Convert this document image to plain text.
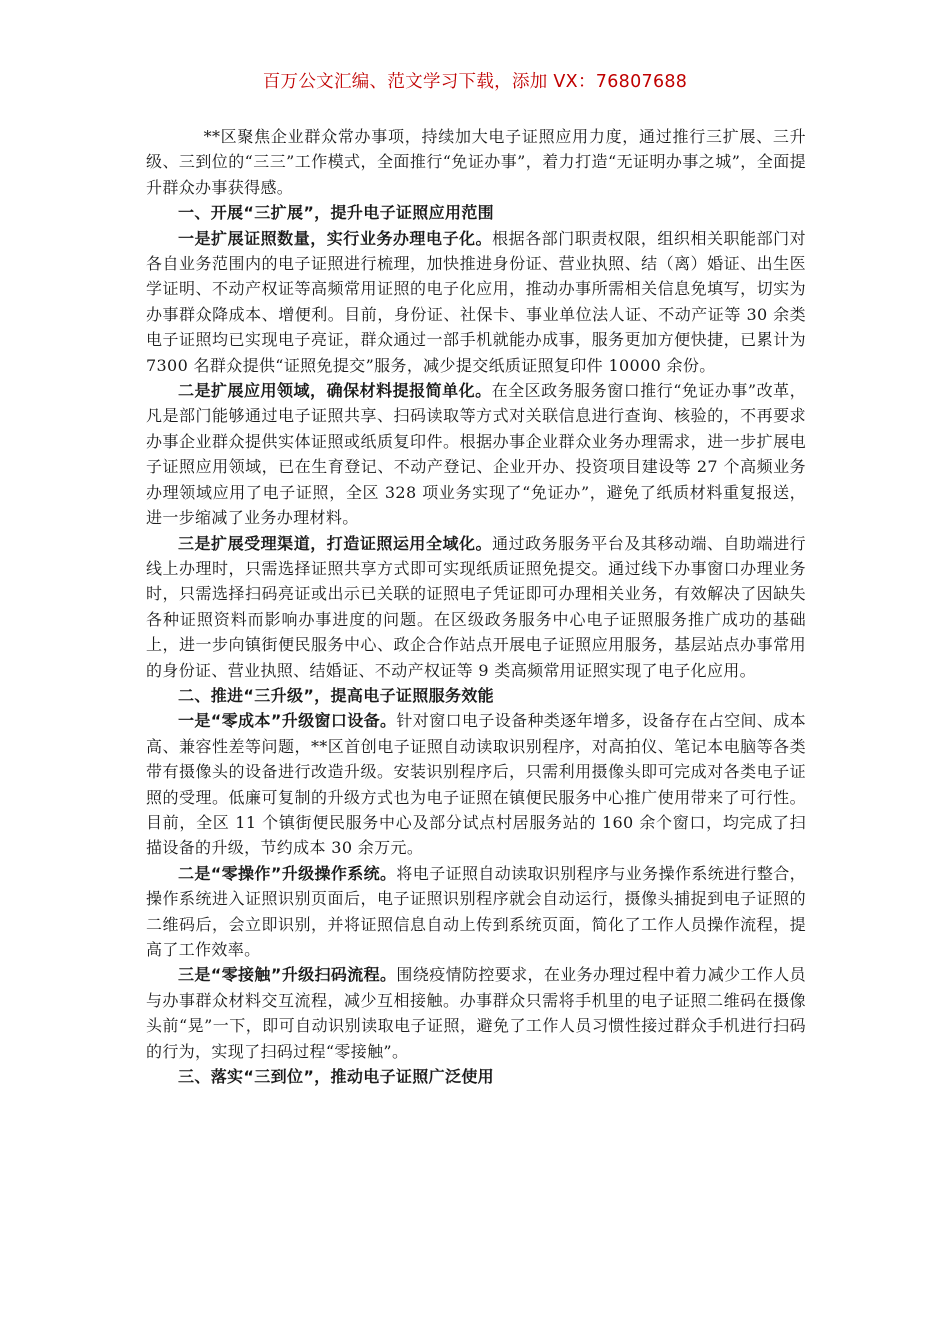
百万公文汇编、范文学习下载，添加 VX：76807688

**区聚焦企业群众常办事项，持续加大电子证照应用力度，通过推行三扩展、三升级、三到位的“三三”工作模式，全面推行“免证办事”，着力打造“无证明办事之城”，全面提升群众办事获得感。

一、开展“三扩展”，提升电子证照应用范围

一是扩展证照数量，实行业务办理电子化。根据各部门职责权限，组织相关职能部门对各自业务范围内的电子证照进行梳理，加快推进身份证、营业执照、结（离）婚证、出生医学证明、不动产权证等高频常用证照的电子化应用，推动办事所需相关信息免填写，切实为办事群众降成本、增便利。目前，身份证、社保卡、事业单位法人证、不动产证等 30 余类电子证照均已实现电子亮证，群众通过一部手机就能办成事，服务更加方便快捷，已累计为 7300 名群众提供“证照免提交”服务，减少提交纸质证照复印件 10000 余份。

二是扩展应用领域，确保材料提报简单化。在全区政务服务窗口推行“免证办事”改革，凡是部门能够通过电子证照共享、扫码读取等方式对关联信息进行查询、核验的，不再要求办事企业群众提供实体证照或纸质复印件。根据办事企业群众业务办理需求，进一步扩展电子证照应用领域，已在生育登记、不动产登记、企业开办、投资项目建设等 27 个高频业务办理领域应用了电子证照，全区 328 项业务实现了“免证办”，避免了纸质材料重复报送，进一步缩减了业务办理材料。

三是扩展受理渠道，打造证照运用全域化。通过政务服务平台及其移动端、自助端进行线上办理时，只需选择证照共享方式即可实现纸质证照免提交。通过线下办事窗口办理业务时，只需选择扫码亮证或出示已关联的证照电子凭证即可办理相关业务，有效解决了因缺失各种证照资料而影响办事进度的问题。在区级政务服务中心电子证照服务推广成功的基础上，进一步向镇街便民服务中心、政企合作站点开展电子证照应用服务，基层站点办事常用的身份证、营业执照、结婚证、不动产权证等 9 类高频常用证照实现了电子化应用。

二、推进“三升级”，提高电子证照服务效能

一是“零成本”升级窗口设备。针对窗口电子设备种类逐年增多，设备存在占空间、成本高、兼容性差等问题，**区首创电子证照自动读取识别程序，对高拍仪、笔记本电脑等各类带有摄像头的设备进行改造升级。安装识别程序后，只需利用摄像头即可完成对各类电子证照的受理。低廉可复制的升级方式也为电子证照在镇便民服务中心推广使用带来了可行性。目前，全区 11 个镇街便民服务中心及部分试点村居服务站的 160 余个窗口，均完成了扫描设备的升级，节约成本 30 余万元。

二是“零操作”升级操作系统。将电子证照自动读取识别程序与业务操作系统进行整合，操作系统进入证照识别页面后，电子证照识别程序就会自动运行，摄像头捕捉到电子证照的二维码后，会立即识别，并将证照信息自动上传到系统页面，简化了工作人员操作流程，提高了工作效率。

三是“零接触”升级扫码流程。围绕疫情防控要求，在业务办理过程中着力减少工作人员与办事群众材料交互流程，减少互相接触。办事群众只需将手机里的电子证照二维码在摄像头前“晃”一下，即可自动识别读取电子证照，避免了工作人员习惯性接过群众手机进行扫码的行为，实现了扫码过程“零接触”。

三、落实“三到位”，推动电子证照广泛使用
